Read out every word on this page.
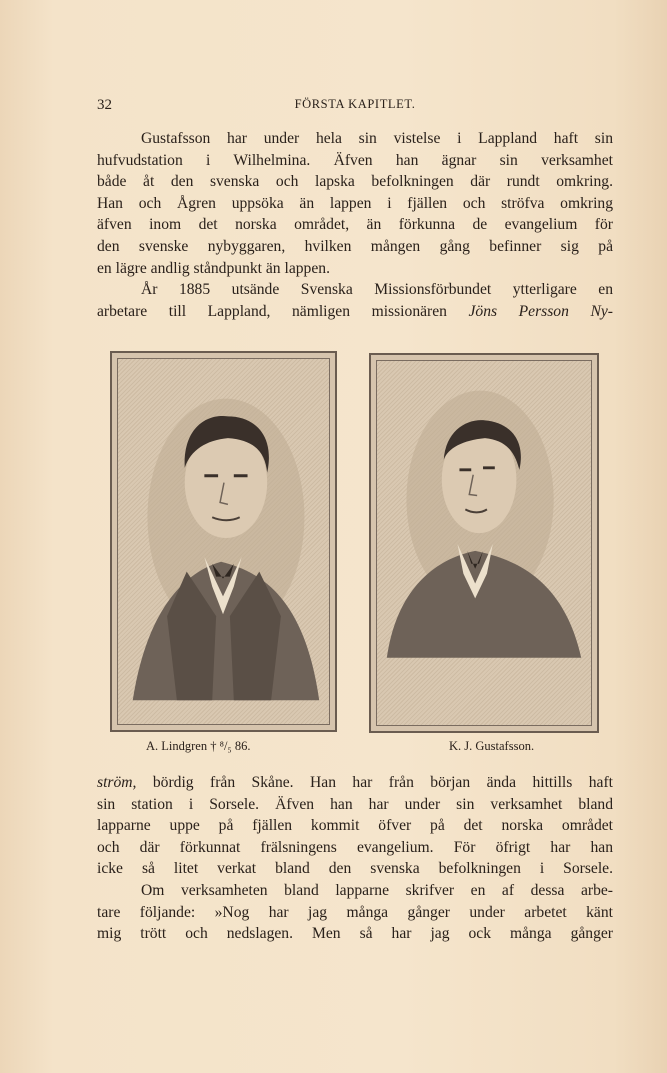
32	FÖRSTA KAPITLET.

Gustafsson har under hela sin vistelse i Lappland haft sin
hufvudstation i Wilhelmina. Äfven han ägnar sin verksamhet
både åt den svenska och lapska befolkningen där rundt omkring.
Han och Ågren uppsöka än lappen i fjällen och ströfva omkring
äfven inom det norska området, än förkunna de evangelium för
den svenske nybyggaren, hvilken mången gång befinner sig på
en lägre andlig ståndpunkt än lappen.

År 1885 utsände Svenska Missionsförbundet ytterligare en
arbetare till Lappland, nämligen missionären Jöns Persson Ny-

A. Lindgren † ⁸/₅ 86.	K. J. Gustafsson.

ström, bördig från Skåne. Han har från början ända hittills haft
sin station i Sorsele. Äfven han har under sin verksamhet bland
lapparne uppe på fjällen kommit öfver på det norska området
och där förkunnat frälsningens evangelium. För öfrigt har han
icke så litet verkat bland den svenska befolkningen i Sorsele.

Om verksamheten bland lapparne skrifver en af dessa arbe-
tare följande: »Nog har jag många gånger under arbetet känt
mig trött och nedslagen. Men så har jag ock många gånger
